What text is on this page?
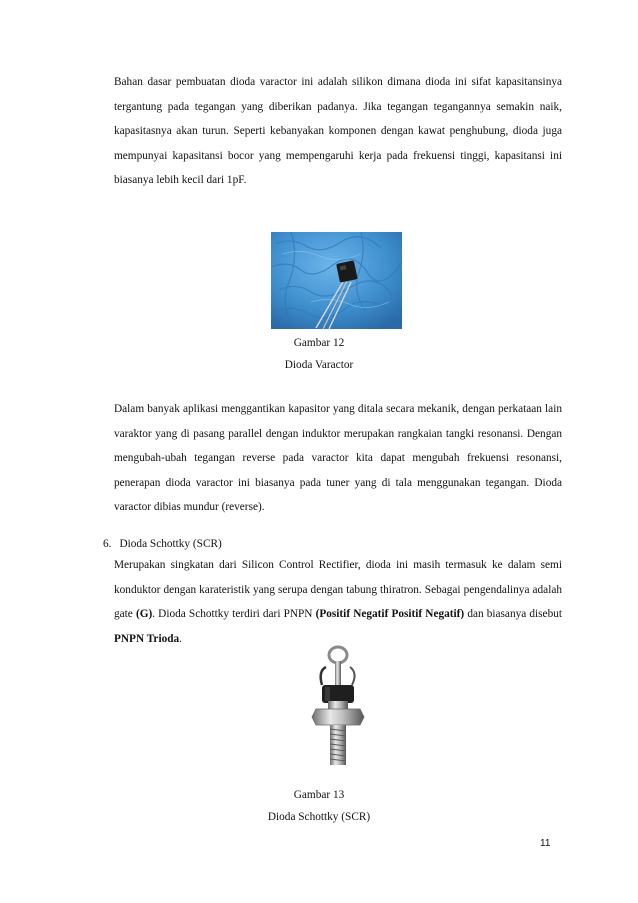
Bahan dasar pembuatan dioda varactor ini adalah silikon dimana dioda ini sifat kapasitansinya tergantung pada tegangan yang diberikan padanya. Jika tegangan tegangannya semakin naik, kapasitasnya akan turun. Seperti kebanyakan komponen dengan kawat penghubung, dioda juga mempunyai kapasitansi bocor yang mempengaruhi kerja pada frekuensi tinggi, kapasitansi ini biasanya lebih kecil dari 1pF.

Gambar 12
Dioda Varactor

Dalam banyak aplikasi menggantikan kapasitor yang ditala secara mekanik, dengan perkataan lain varaktor yang di pasang parallel dengan induktor merupakan rangkaian tangki resonansi. Dengan mengubah-ubah tegangan reverse pada varactor kita dapat mengubah frekuensi resonansi, penerapan dioda varactor ini biasanya pada tuner yang di tala menggunakan tegangan. Dioda varactor dibias mundur (reverse).

6. Dioda Schottky (SCR)

Merupakan singkatan dari Silicon Control Rectifier, dioda ini masih termasuk ke dalam semi konduktor dengan karateristik yang serupa dengan tabung thiratron. Sebagai pengendalinya adalah gate (G). Dioda Schottky terdiri dari PNPN (Positif Negatif Positif Negatif) dan biasanya disebut PNPN Trioda.

Gambar 13
Dioda Schottky (SCR)
11
